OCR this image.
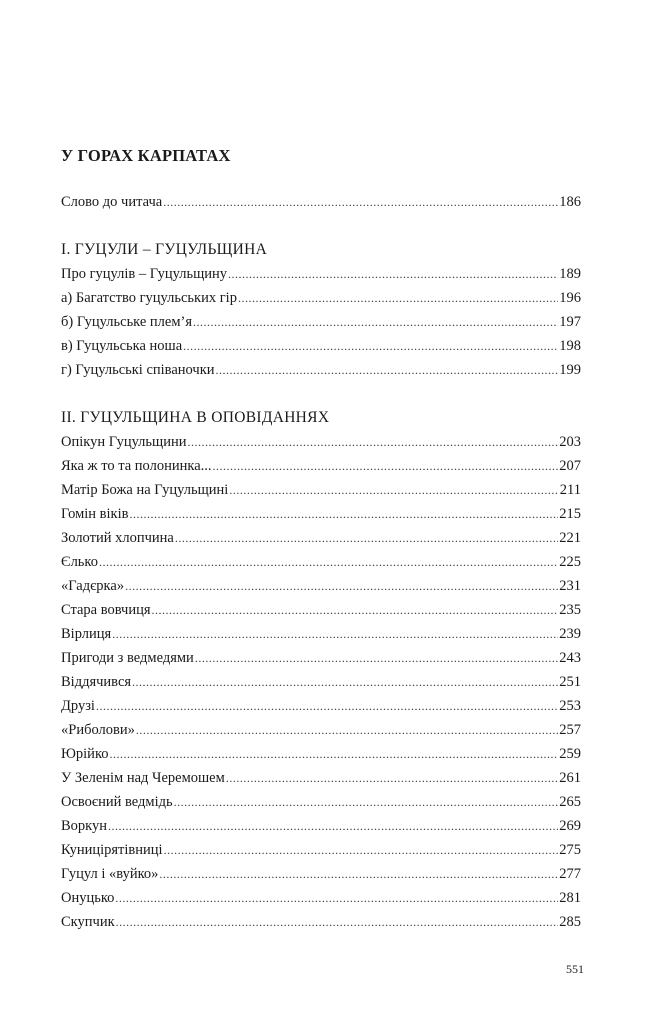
У ГОРАХ КАРПАТАХ
Слово до читача .....	186
I. ГУЦУЛИ – ГУЦУЛЬЩИНА
Про гуцулів – Гуцульщину .....	189
а) Багатство гуцульських гір .....	196
б) Гуцульське плем’я .....	197
в) Гуцульська ноша .....	198
г) Гуцульські співаночки .....	199
II. ГУЦУЛЬЩИНА В ОПОВІДАННЯХ
Опікун Гуцульщини .....	203
Яка ж то та полонинка... .....	207
Матір Божа на Гуцульщині .....	211
Гомін віків .....	215
Золотий хлопчина .....	221
Єлько .....	225
«Гадєрка» .....	231
Стара вовчиця .....	235
Вірлиця .....	239
Пригоди з ведмедями .....	243
Віддячився .....	251
Друзі .....	253
«Риболови» .....	257
Юрійко .....	259
У Зеленім над Черемошем .....	261
Освоєний ведмідь .....	265
Воркун .....	269
Куницірятівниці .....	275
Гуцул і «вуйко» .....	277
Онуцько .....	281
Скупчик .....	285
551
